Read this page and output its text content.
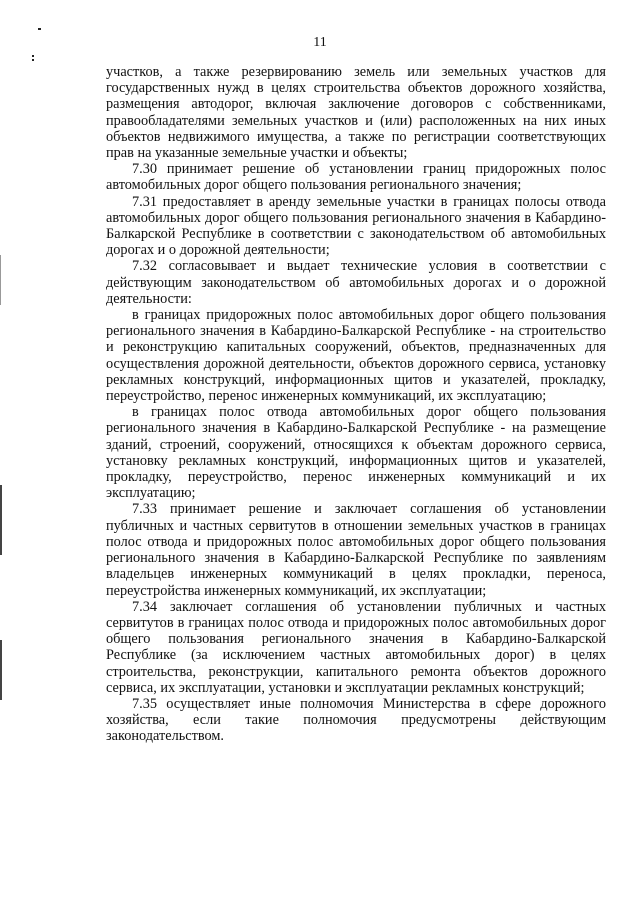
11

участков, а также резервированию земель или земельных участков для государственных нужд в целях строительства объектов дорожного хозяйства, размещения автодорог, включая заключение договоров с собственниками, правообладателями земельных участков и (или) расположенных на них иных объектов недвижимого имущества, а также по регистрации соответствующих прав на указанные земельные участки и объекты;

7.30 принимает решение об установлении границ придорожных полос автомобильных дорог общего пользования регионального значения;

7.31 предоставляет в аренду земельные участки в границах полосы отвода автомобильных дорог общего пользования регионального значения в Кабардино-Балкарской Республике в соответствии с законодательством об автомобильных дорогах и о дорожной деятельности;

7.32 согласовывает и выдает технические условия в соответствии с действующим законодательством об автомобильных дорогах и о дорожной деятельности:

в границах придорожных полос автомобильных дорог общего пользования регионального значения в Кабардино-Балкарской Республике - на строительство и реконструкцию капитальных сооружений, объектов, предназначенных для осуществления дорожной деятельности, объектов дорожного сервиса, установку рекламных конструкций, информационных щитов и указателей, прокладку, переустройство, перенос инженерных коммуникаций, их эксплуатацию;

в границах полос отвода автомобильных дорог общего пользования регионального значения в Кабардино-Балкарской Республике - на размещение зданий, строений, сооружений, относящихся к объектам дорожного сервиса, установку рекламных конструкций, информационных щитов и указателей, прокладку, переустройство, перенос инженерных коммуникаций и их эксплуатацию;

7.33 принимает решение и заключает соглашения об установлении публичных и частных сервитутов в отношении земельных участков в границах полос отвода и придорожных полос автомобильных дорог общего пользования регионального значения в Кабардино-Балкарской Республике по заявлениям владельцев инженерных коммуникаций в целях прокладки, переноса, переустройства инженерных коммуникаций, их эксплуатации;

7.34 заключает соглашения об установлении публичных и частных сервитутов в границах полос отвода и придорожных полос автомобильных дорог общего пользования регионального значения в Кабардино-Балкарской Республике (за исключением частных автомобильных дорог) в целях строительства, реконструкции, капитального ремонта объектов дорожного сервиса, их эксплуатации, установки и эксплуатации рекламных конструкций;

7.35 осуществляет иные полномочия Министерства в сфере дорожного хозяйства, если такие полномочия предусмотрены действующим законодательством.
